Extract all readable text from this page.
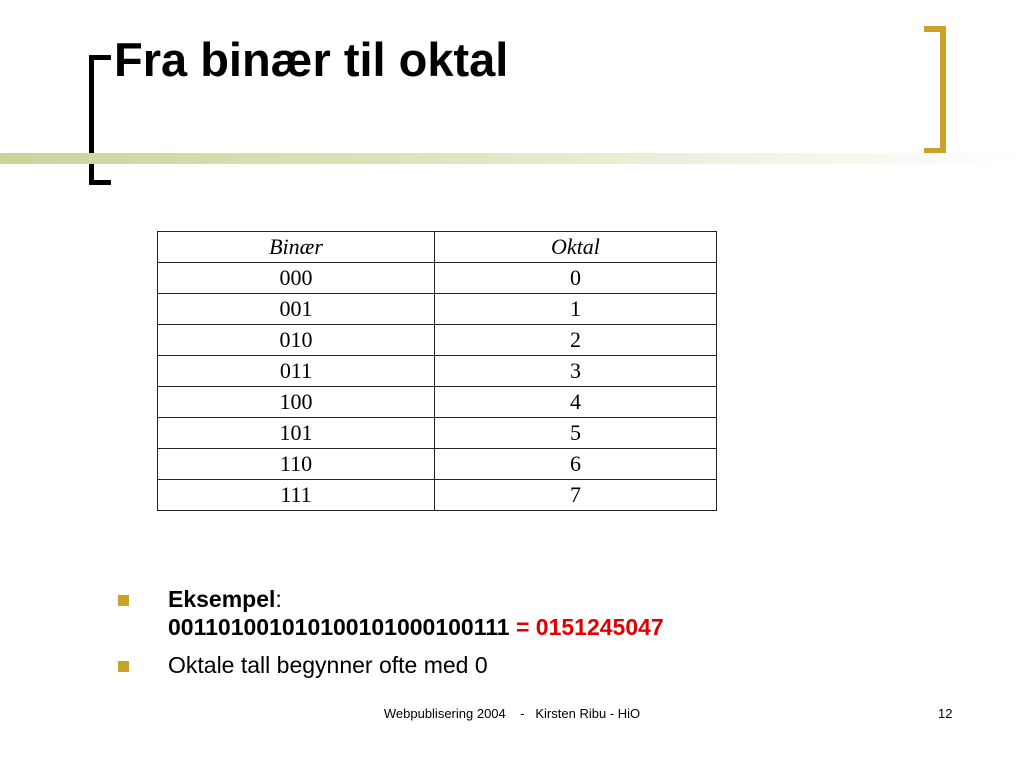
Fra binær til oktal
Binær	Oktal
000	0
001	1
010	2
011	3
100	4
101	5
110	6
111	7
Eksempel:
001101001010100101000100111 = 0151245047
Oktale tall begynner ofte med 0
Webpublisering 2004    -   Kirsten Ribu - HiO	12
